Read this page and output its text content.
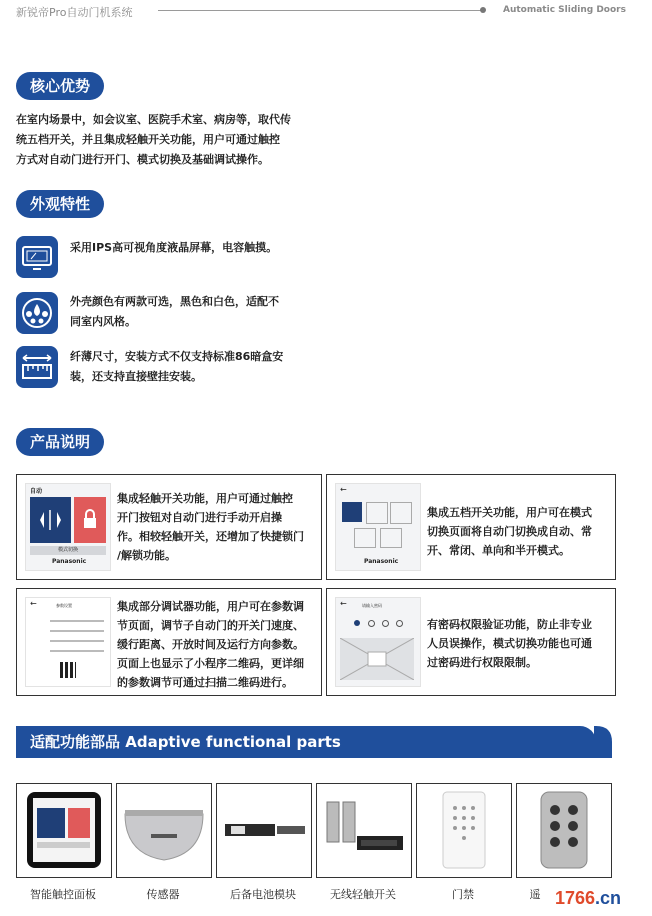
新锐帝Pro自动门机系统	Automatic Sliding Doors
核心优势
在室内场景中，如会议室、医院手术室、病房等，取代传
统五档开关，并且集成轻触开关功能，用户可通过触控
方式对自动门进行开门、模式切换及基础调试操作。
外观特性
采用IPS高可视角度液晶屏幕，电容触摸。
外壳颜色有两款可选，黑色和白色，适配不
同室内风格。
纤薄尺寸，安装方式不仅支持标准86暗盒安
装，还支持直接壁挂安装。
产品说明
自动
模式切换
Panasonic
集成轻触开关功能，用户可通过触控
开门按钮对自动门进行手动开启操
作。相较轻触开关，还增加了快捷锁门
/解锁功能。
←
Panasonic
集成五档开关功能，用户可在模式
切换页面将自动门切换成自动、常
开、常闭、单向和半开模式。
←	参数设置	集成部分调试器功能，用户可在参数调
节页面，调节子自动门的开关门速度、
缓行距离、开放时间及运行方向参数。
页面上也显示了小程序二维码，更详细
的参数调节可通过扫描二维码进行。
←	请输入密码
有密码权限验证功能，防止非专业
人员误操作，模式切换功能也可通
过密码进行权限限制。
适配功能部品 Adaptive functional parts
智能触控面板	传感器	后备电池模块	无线轻触开关	门禁	遥 1766.cn
